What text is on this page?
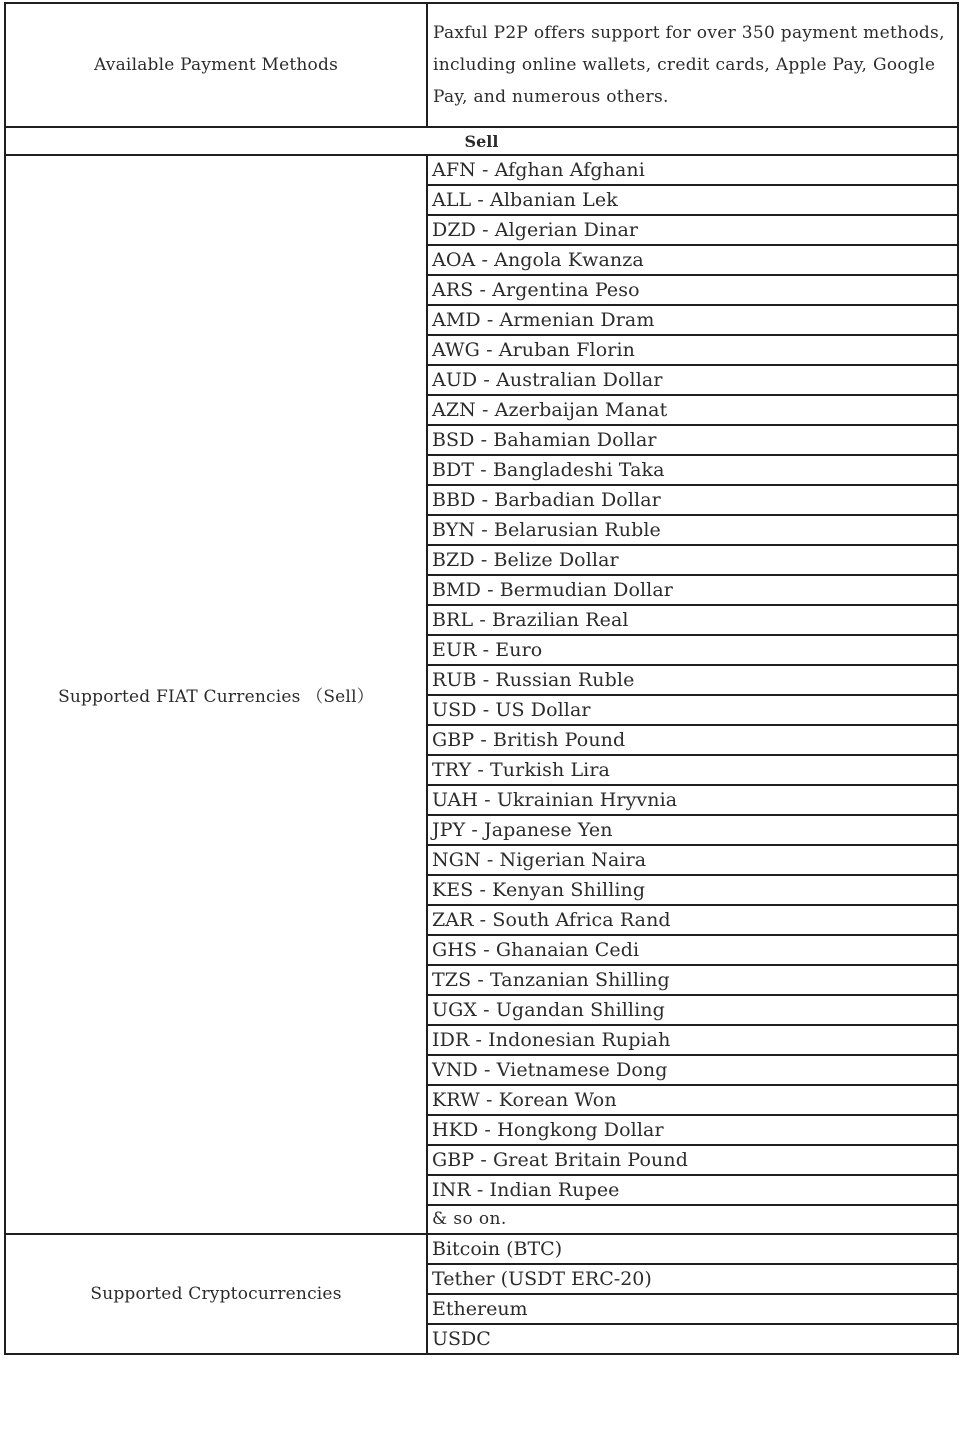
Available Payment Methods	Paxful P2P offers support for over 350 payment methods, including online wallets, credit cards, Apple Pay, Google Pay, and numerous others.
Sell	
Supported FIAT Currencies （Sell）	AFN - Afghan Afghani
	ALL - Albanian Lek
	DZD - Algerian Dinar
	AOA - Angola Kwanza
	ARS - Argentina Peso
	AMD - Armenian Dram
	AWG - Aruban Florin
	AUD - Australian Dollar
	AZN - Azerbaijan Manat
	BSD - Bahamian Dollar
	BDT - Bangladeshi Taka
	BBD - Barbadian Dollar
	BYN - Belarusian Ruble
	BZD - Belize Dollar
	BMD - Bermudian Dollar
	BRL - Brazilian Real
	EUR - Euro
	RUB - Russian Ruble
	USD - US Dollar
	GBP - British Pound
	TRY - Turkish Lira
	UAH - Ukrainian Hryvnia
	JPY - Japanese Yen
	NGN - Nigerian Naira
	KES - Kenyan Shilling
	ZAR - South Africa Rand
	GHS - Ghanaian Cedi
	TZS - Tanzanian Shilling
	UGX - Ugandan Shilling
	IDR - Indonesian Rupiah
	VND - Vietnamese Dong
	KRW - Korean Won
	HKD - Hongkong Dollar
	GBP - Great Britain Pound
	INR - Indian Rupee
	& so on.
Supported Cryptocurrencies	Bitcoin (BTC)
	Tether (USDT ERC-20)
	Ethereum
	USDC
